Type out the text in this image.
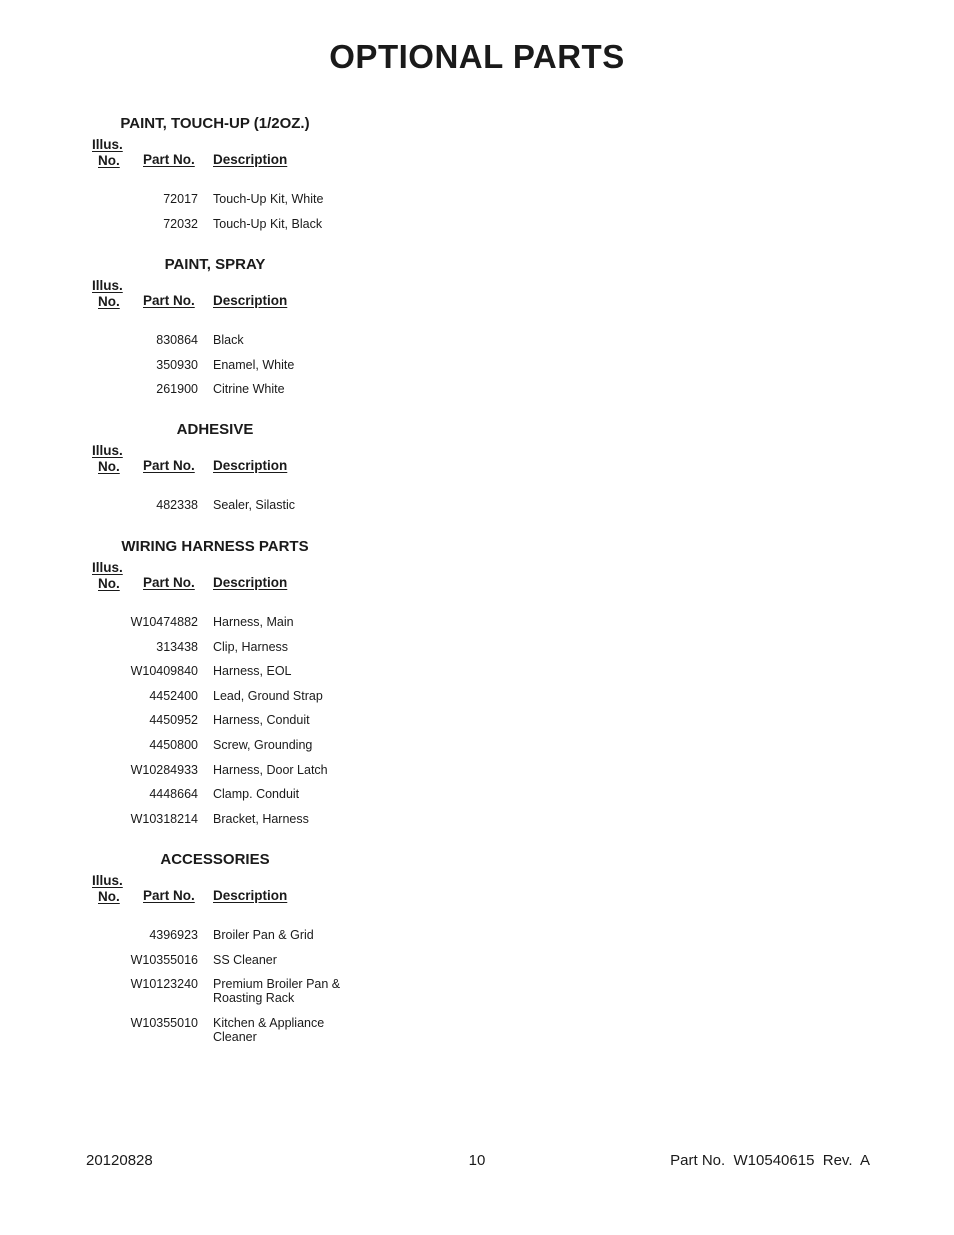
OPTIONAL PARTS
PAINT, TOUCH-UP (1/2OZ.)
Illus.
No. Part No. Description
72017 Touch-Up Kit, White
72032 Touch-Up Kit, Black
PAINT, SPRAY
Illus.
No. Part No. Description
830864 Black
350930 Enamel, White
261900 Citrine White
ADHESIVE
Illus.
No. Part No. Description
482338 Sealer, Silastic
WIRING HARNESS PARTS
Illus.
No. Part No. Description
W10474882 Harness, Main
313438 Clip, Harness
W10409840 Harness, EOL
4452400 Lead, Ground Strap
4450952 Harness, Conduit
4450800 Screw, Grounding
W10284933 Harness, Door Latch
4448664 Clamp. Conduit
W10318214 Bracket, Harness
ACCESSORIES
Illus.
No. Part No. Description
4396923 Broiler Pan & Grid
W10355016 SS Cleaner
W10123240 Premium Broiler Pan & Roasting Rack
W10355010 Kitchen & Appliance Cleaner
20120828	10	Part No.  W10540615  Rev.  A
